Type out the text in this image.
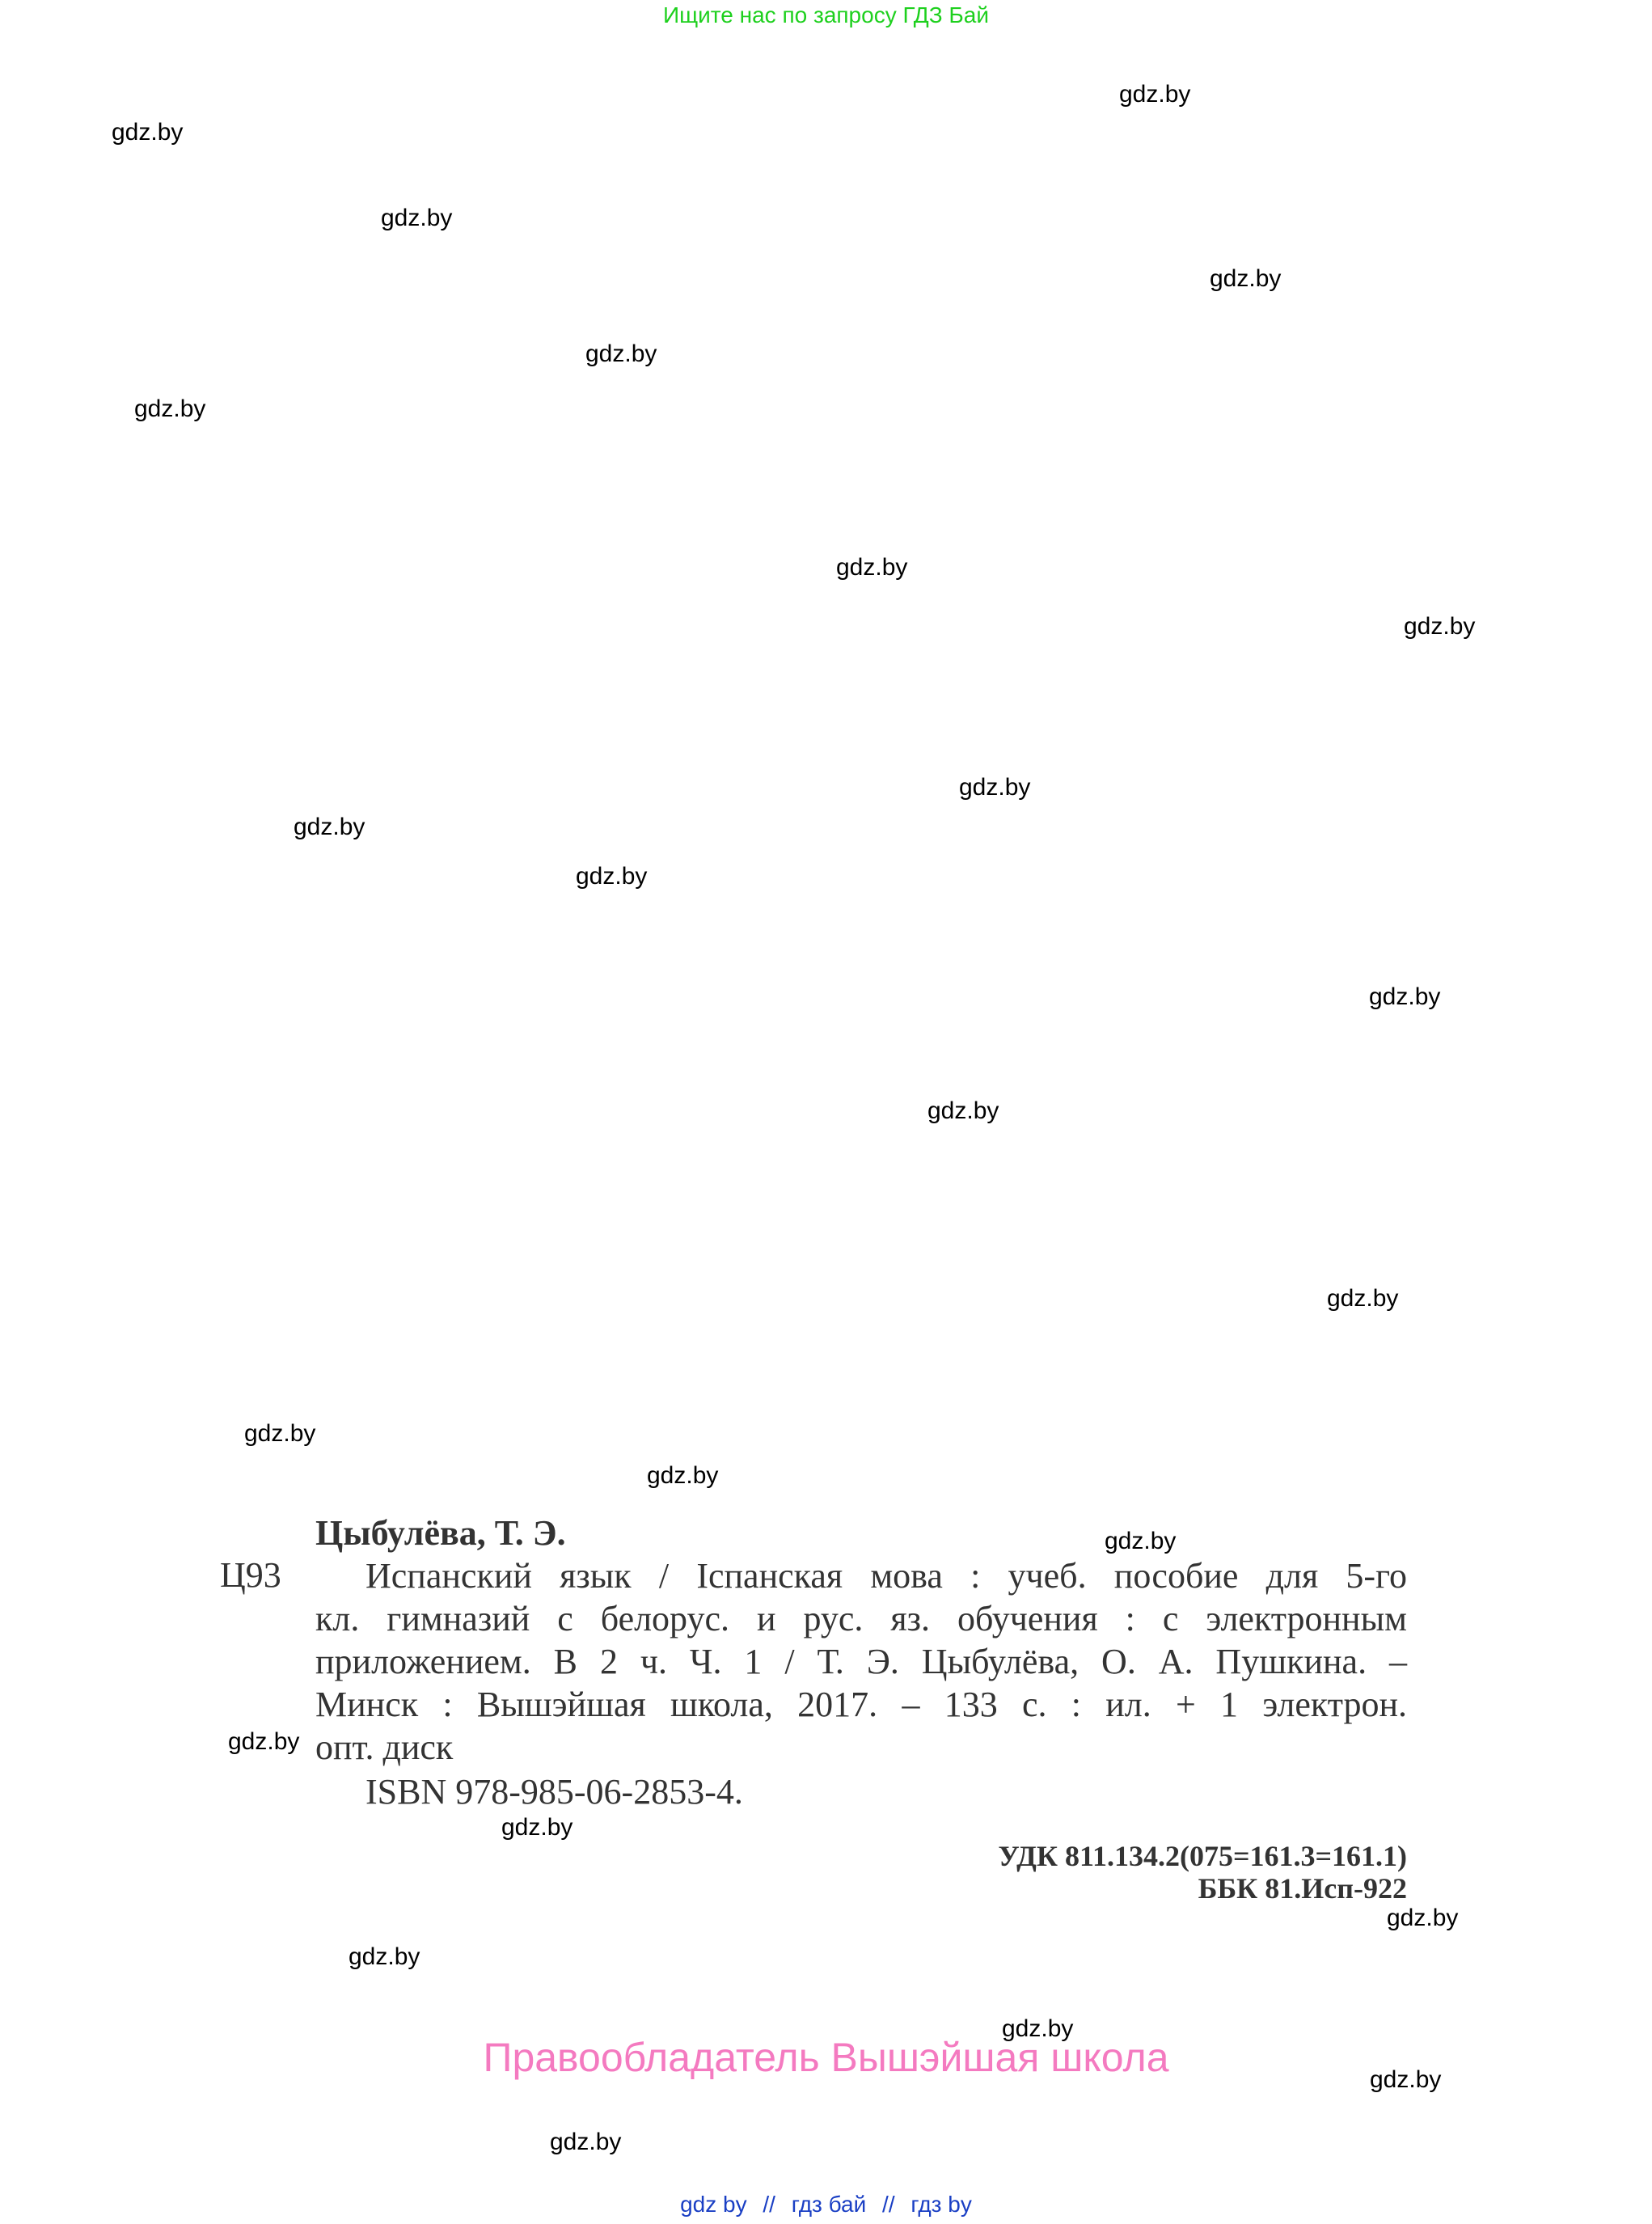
Ищите нас по запросу ГДЗ Бай
gdz.by
gdz.by
gdz.by
gdz.by
gdz.by
gdz.by
gdz.by
gdz.by
gdz.by
gdz.by
gdz.by
gdz.by
gdz.by
gdz.by
gdz.by
gdz.by
gdz.by
gdz.by
gdz.by
gdz.by
gdz.by
gdz.by
gdz.by
gdz.by
Цыбулёва, Т. Э.
Ц93	Испанский язык / Іспанская мова : учеб. пособие для 5-го
кл. гимназий с белорус. и рус. яз. обучения : с электронным
приложением. В 2 ч. Ч. 1 / Т. Э. Цыбулёва, О. А. Пушкина. –
Минск : Вышэйшая школа, 2017. – 133 с. : ил. + 1 электрон.
опт. диск
ISBN 978-985-06-2853-4.
УДК 811.134.2(075=161.3=161.1)
ББК 81.Исп-922
Правообладатель Вышэйшая школа
gdz by // гдз бай // гдз by
